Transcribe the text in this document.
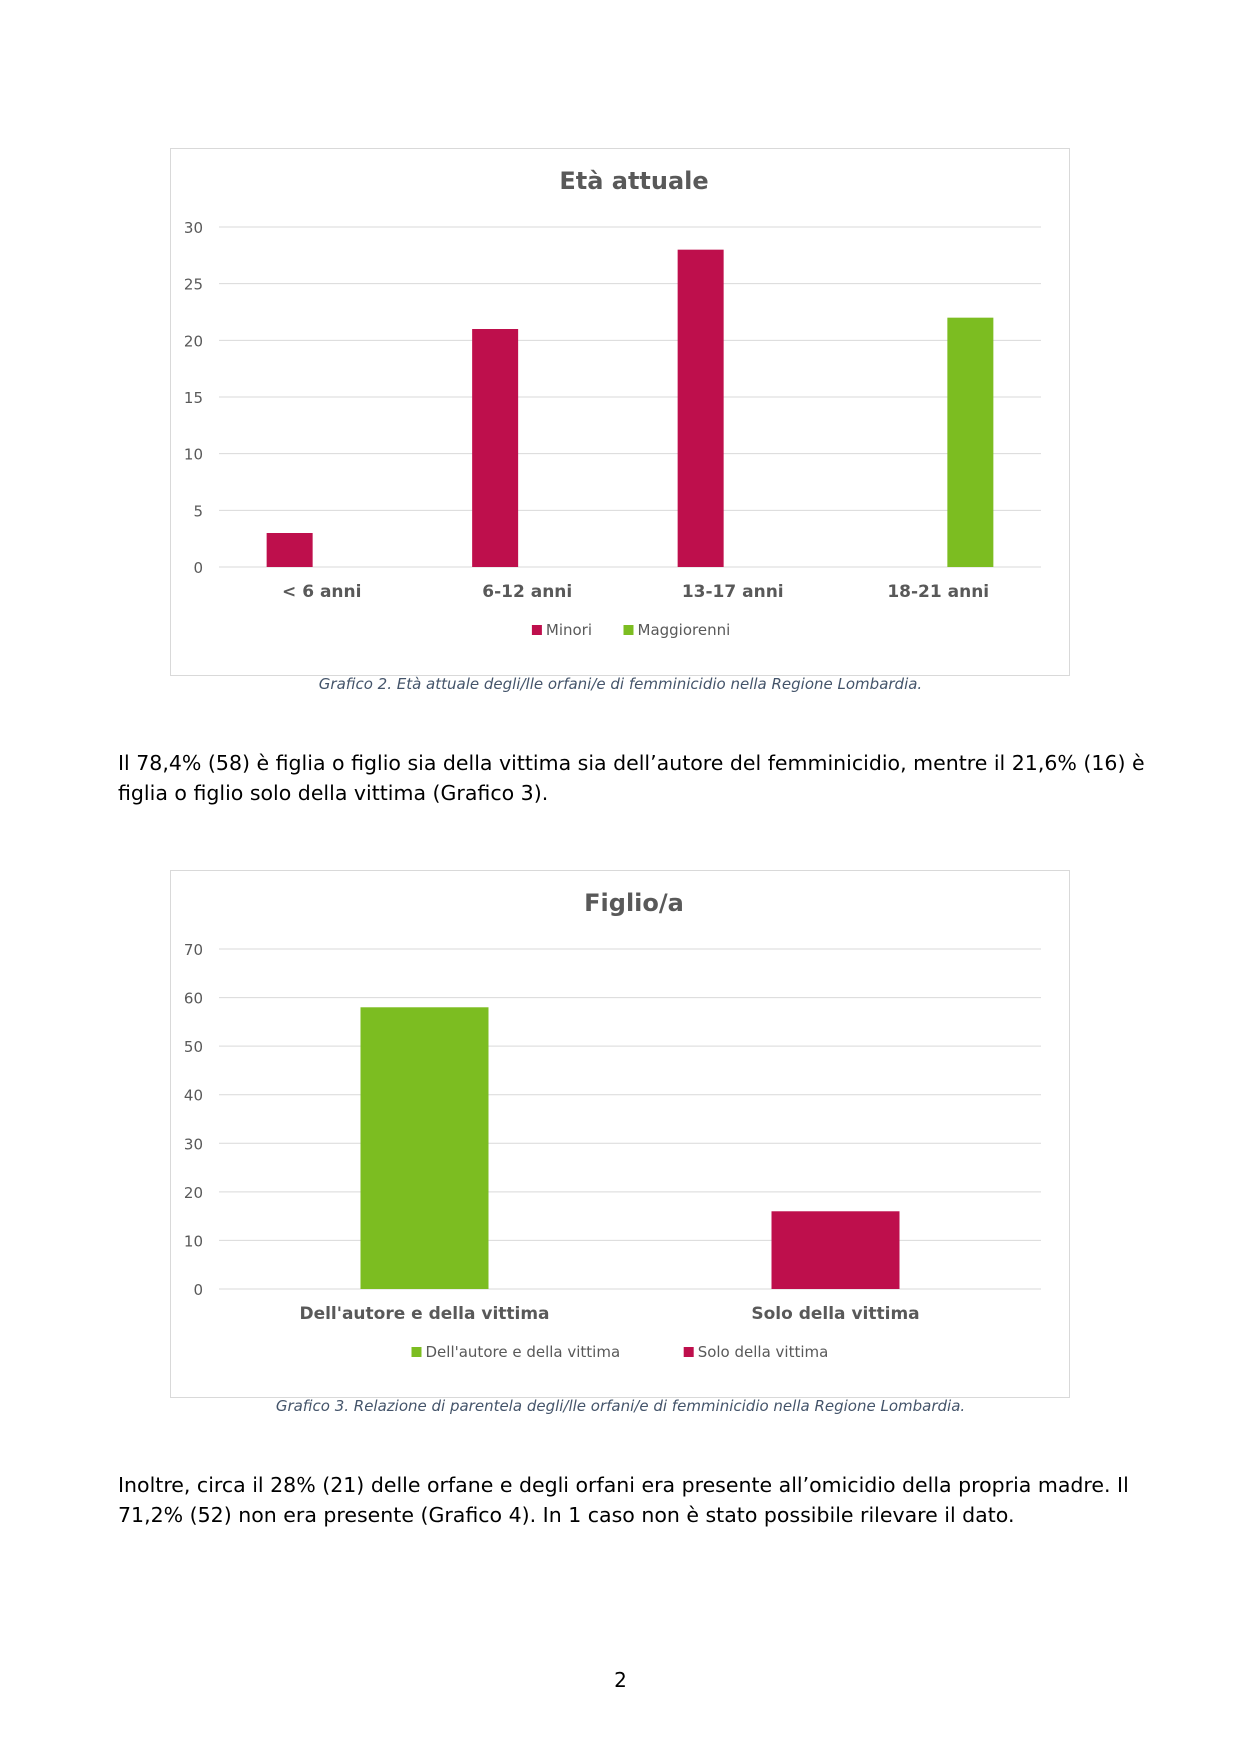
Età attuale
0
5
10
15
20
25
30
< 6 anni	6-12 anni	13-17 anni	18-21 anni
Minori	Maggiorenni
Grafico 2. Età attuale degli/lle orfani/e di femminicidio nella Regione Lombardia.
Il 78,4% (58) è figlia o figlio sia della vittima sia dell’autore del femminicidio, mentre il 21,6% (16) è
figlia o figlio solo della vittima (Grafico 3).
Figlio/a
0
10
20
30
40
50
60
70
Dell'autore e della vittima	Solo della vittima
Dell'autore e della vittima	Solo della vittima
Grafico 3. Relazione di parentela degli/lle orfani/e di femminicidio nella Regione Lombardia.
Inoltre, circa il 28% (21) delle orfane e degli orfani era presente all’omicidio della propria madre. Il
71,2% (52) non era presente (Grafico 4). In 1 caso non è stato possibile rilevare il dato.
2
